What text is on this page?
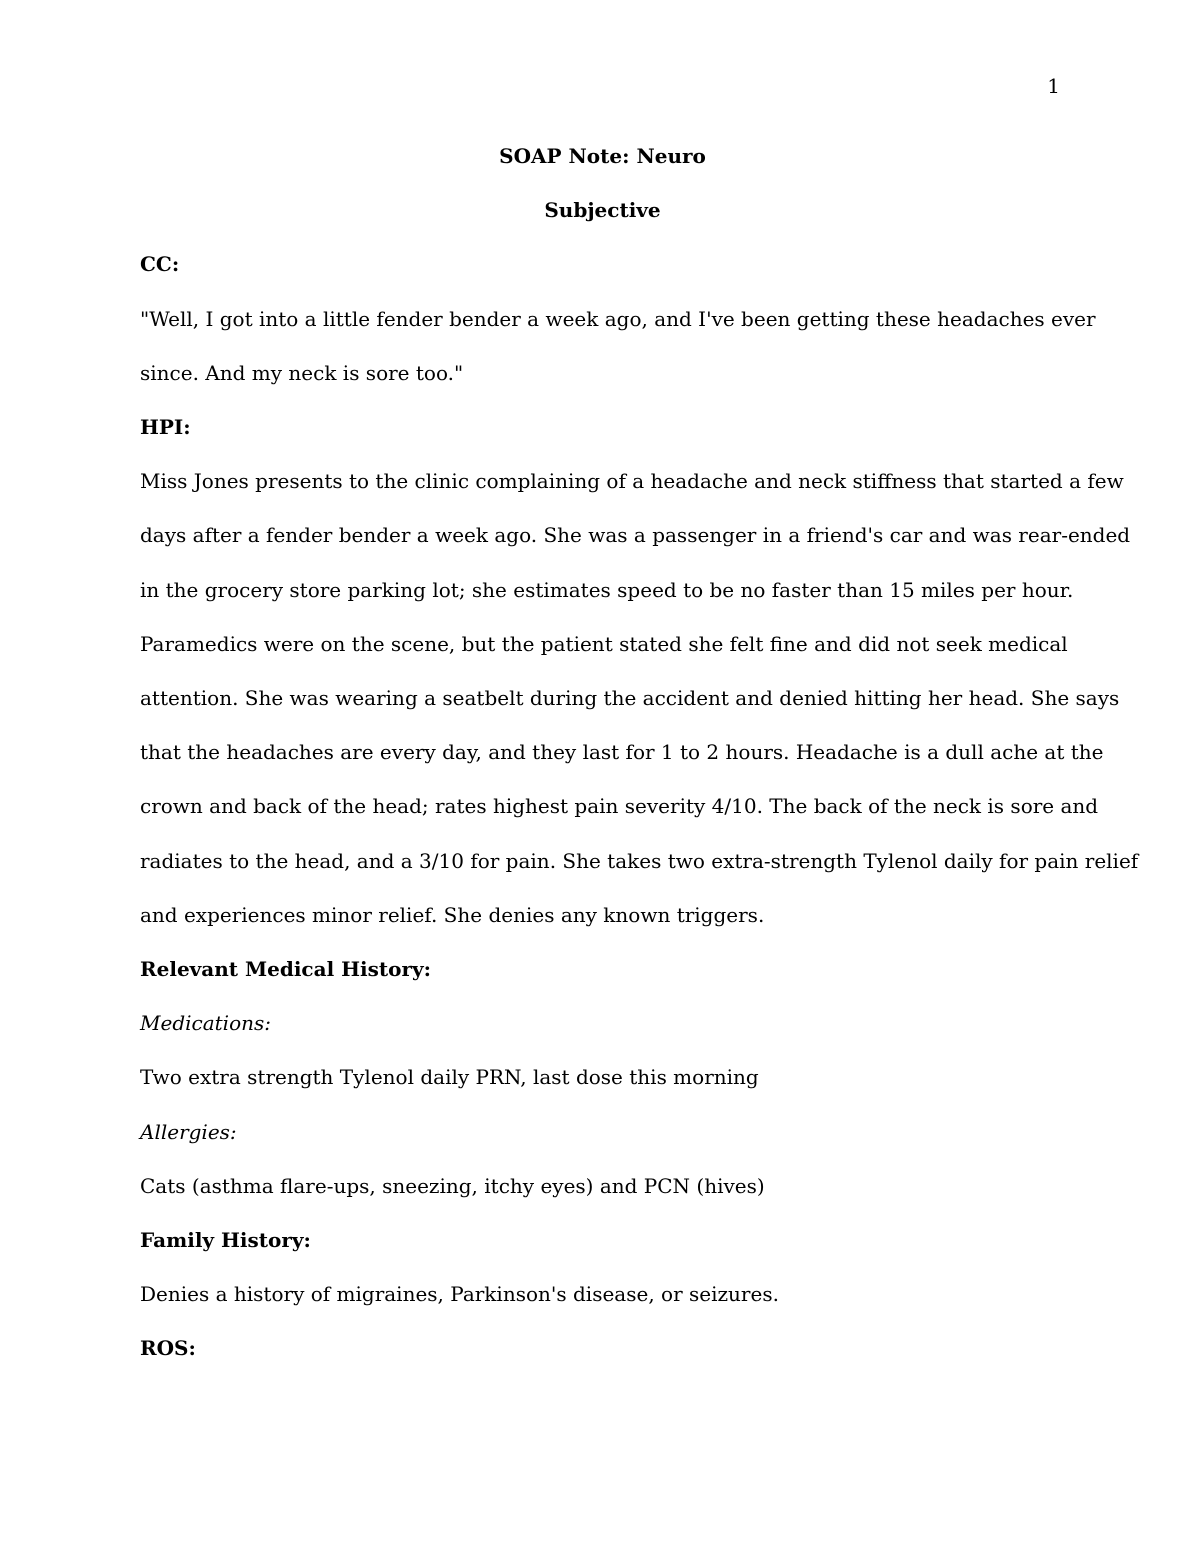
1

SOAP Note: Neuro

Subjective

CC:

"Well, I got into a little fender bender a week ago, and I've been getting these headaches ever

since. And my neck is sore too."

HPI:

Miss Jones presents to the clinic complaining of a headache and neck stiffness that started a few

days after a fender bender a week ago. She was a passenger in a friend's car and was rear-ended

in the grocery store parking lot; she estimates speed to be no faster than 15 miles per hour.

Paramedics were on the scene, but the patient stated she felt fine and did not seek medical

attention. She was wearing a seatbelt during the accident and denied hitting her head. She says

that the headaches are every day, and they last for 1 to 2 hours. Headache is a dull ache at the

crown and back of the head; rates highest pain severity 4/10. The back of the neck is sore and

radiates to the head, and a 3/10 for pain. She takes two extra-strength Tylenol daily for pain relief

and experiences minor relief. She denies any known triggers.

Relevant Medical History:

Medications:

Two extra strength Tylenol daily PRN, last dose this morning

Allergies:

Cats (asthma flare-ups, sneezing, itchy eyes) and PCN (hives)

Family History:

Denies a history of migraines, Parkinson's disease, or seizures.

ROS:
